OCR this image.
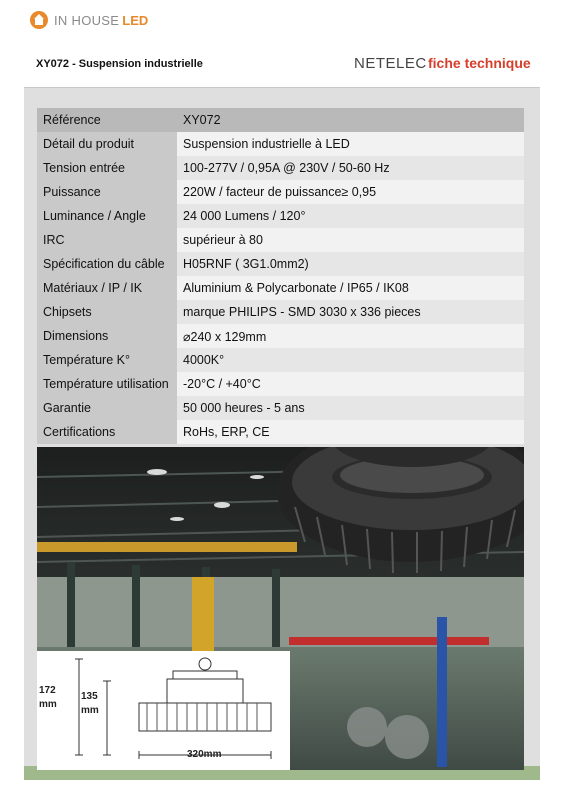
IN HOUSE LED
XY072 - Suspension industrielle	NETELEC fiche technique
Référence	XY072
Détail du produit	Suspension industrielle à LED
Tension entrée	100-277V / 0,95A @ 230V / 50-60 Hz
Puissance	220W / facteur de puissance≥ 0,95
Luminance / Angle	24 000 Lumens / 120°
IRC	supérieur à 80
Spécification du câble	H05RNF ( 3G1.0mm2)
Matériaux / IP / IK	Aluminium & Polycarbonate / IP65 / IK08
Chipsets	marque PHILIPS - SMD 3030 x 336 pieces
Dimensions	⌀240 x 129mm
Température K°	4000K°
Température utilisation	-20°C / +40°C
Garantie	50 000 heures - 5 ans
Certifications	RoHs, ERP, CE
172
mm
135
mm
320mm
